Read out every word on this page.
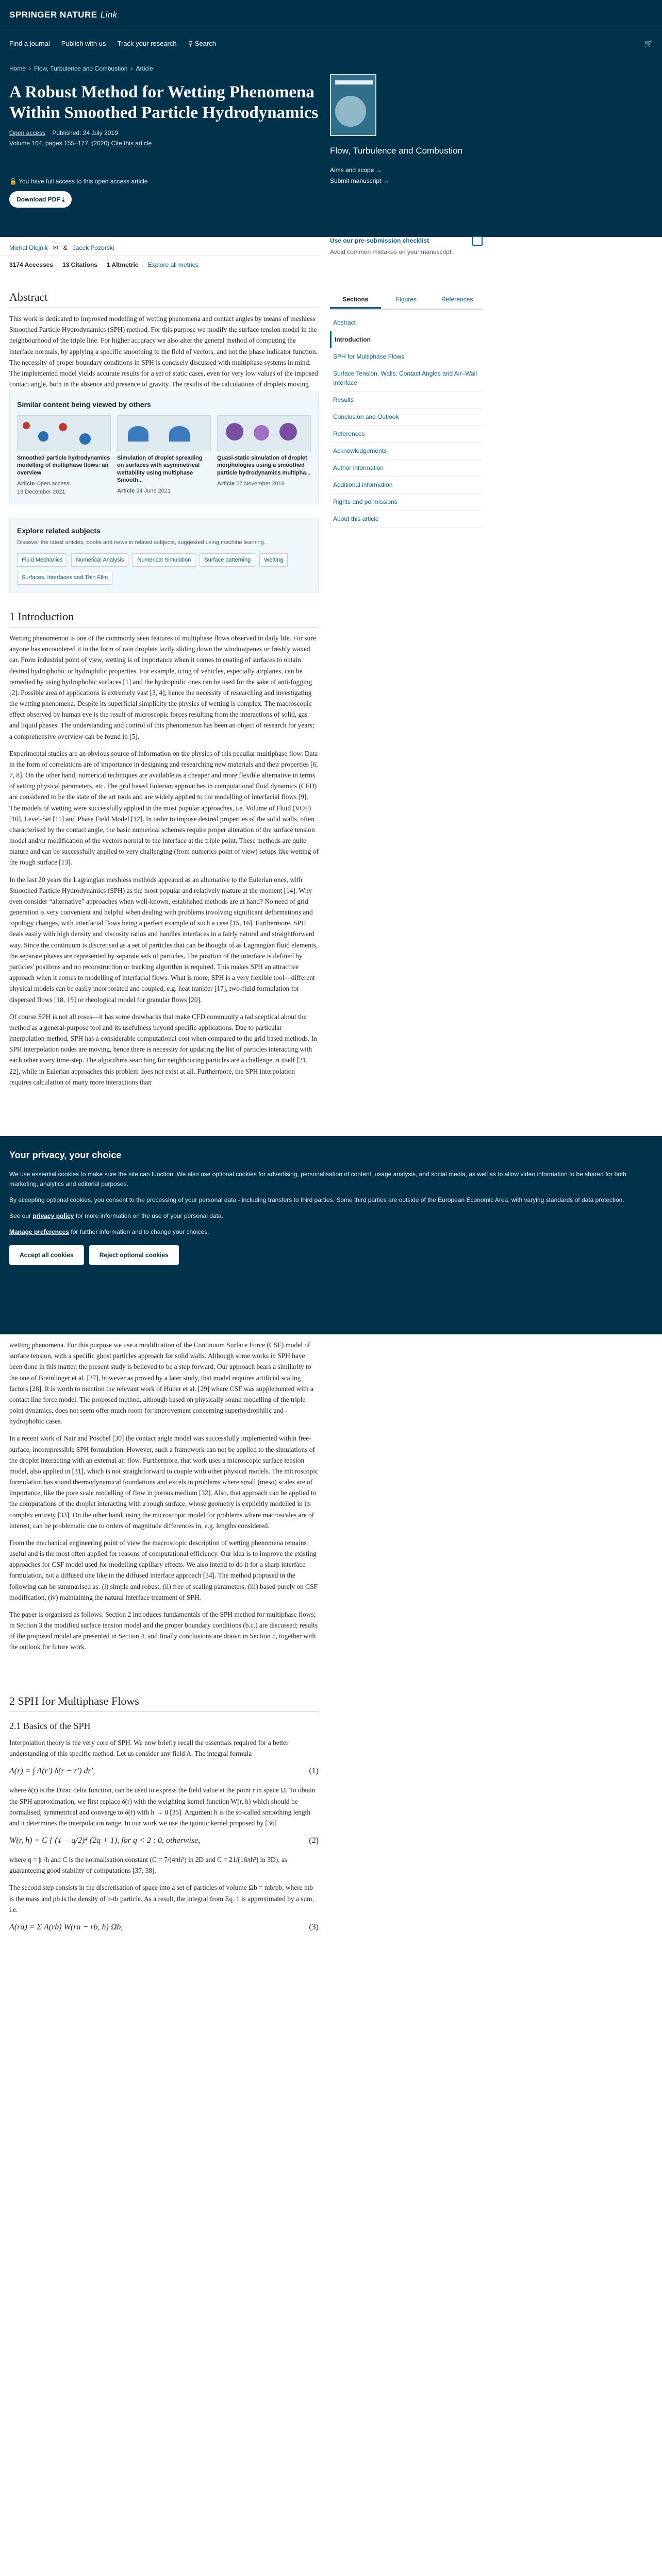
SPRINGER NATURE Link
Find a journal Publish with us Track your research ⚲ Search	🛒
Home › Flow, Turbulence and Combustion › Article
A Robust Method for Wetting Phenomena Within Smoothed Particle Hydrodynamics
Open access Published: 24 July 2019
Volume 104, pages 155–177, (2020) Cite this article
🔓 You have full access to this open access article
Download PDF ⤓
Flow, Turbulence and Combustion
Aims and scope →
Submit manuscript →
Michał Olejnik ✉ & Jacek Pozorski
3174 Accesses 13 Citations 1 Altmetric Explore all metrics
Use our pre-submission checklist
Avoid common mistakes on your manuscript.
Sections	Figures	References
Abstract
Introduction
SPH for Multiphase Flows
Surface Tension, Walls, Contact Angles and Air–Wall Interface
Results
Conclusion and Outlook
References
Acknowledgements
Author information
Additional information
Rights and permissions
About this article
Abstract

This work is dedicated to improved modelling of wetting phenomena and contact angles by means of meshless Smoothed Particle Hydrodynamics (SPH) method. For this purpose we modify the surface tension model in the neighbourhood of the triple line. For higher accuracy we also alter the general method of computing the interface normals, by applying a specific smoothing to the field of vectors, and not the phase indicator function. The necessity of proper boundary conditions in SPH is concisely discussed with multiphase systems in mind. The implemented model yields accurate results for a set of static cases, even for very low values of the imposed contact angle, both in the absence and presence of gravity. The results of the calculations of droplets moving

Similar content being viewed by others
Smoothed particle hydrodynamics modelling of multiphase flows: an overview
Article Open access
13 December 2021
Simulation of droplet spreading on surfaces with asymmetrical wettability using multiphase Smooth...
Article 24 June 2021
Quasi-static simulation of droplet morphologies using a smoothed particle hydrodynamics multipha...
Article 27 November 2018
Explore related subjects
Discover the latest articles, books and news in related subjects, suggested using machine learning.
Fluid Mechanics	Numerical Analysis	Numerical Simulation	Surface patterning	Wetting
Surfaces, Interfaces and Thin Film
1 Introduction

Wetting phenomenon is one of the commonly seen features of multiphase flows observed in daily life. For sure anyone has encountered it in the form of rain droplets lazily sliding down the windowpanes or freshly waxed car. From industrial point of view, wetting is of importance when it comes to coating of surfaces to obtain desired hydrophobic or hydrophilic properties. For example, icing of vehicles, especially airplanes, can be remedied by using hydrophobic surfaces [1] and the hydrophilic ones can be used for the sake of anti-fogging [2]. Possible area of applications is extremely vast [3, 4], hence the necessity of researching and investigating the wetting phenomena. Despite its superficial simplicity the physics of wetting is complex. The macroscopic effect observed by human eye is the result of microscopic forces resulting from the interactions of solid, gas and liquid phases. The understanding and control of this phenomenon has been an object of research for years; a comprehensive overview can be found in [5].

Experimental studies are an obvious source of information on the physics of this peculiar multiphase flow. Data in the form of correlations are of importance in designing and researching new materials and their properties [6, 7, 8]. On the other hand, numerical techniques are available as a cheaper and more flexible alternative in terms of setting physical parameters, etc. The grid based Eulerian approaches in computational fluid dynamics (CFD) are considered to be the state of the art tools and are widely applied to the modelling of interfacial flows [9]. The models of wetting were successfully applied in the most popular approaches, i.e. Volume of Fluid (VOF) [10], Level-Set [11] and Phase Field Model [12]. In order to impose desired properties of the solid walls, often characterised by the contact angle, the basic numerical schemes require proper alteration of the surface tension model and/or modification of the vectors normal to the interface at the triple point. These methods are quite mature and can be successfully applied to very challenging (from numerics point of view) setups like wetting of the rough surface [13].

In the last 20 years the Lagrangian meshless methods appeared as an alternative to the Eulerian ones, with Smoothed Particle Hydrodynamics (SPH) as the most popular and relatively mature at the moment [14]. Why even consider “alternative” approaches when well-known, established methods are at hand? No need of grid generation is very convenient and helpful when dealing with problems involving significant deformations and topology changes, with interfacial flows being a perfect example of such a case [15, 16]. Furthermore, SPH deals easily with high density and viscosity ratios and handles interfaces in a fairly natural and straightforward way. Since the continuum is discretised as a set of particles that can be thought of as Lagrangian fluid elements, the separate phases are represented by separate sets of particles. The position of the interface is defined by particles' positions and no reconstruction or tracking algorithm is required. This makes SPH an attractive approach when it comes to modelling of interfacial flows. What is more, SPH is a very flexible tool—different physical models can be easily incorporated and coupled, e.g. heat transfer [17], two-fluid formulation for dispersed flows [18, 19] or rheological model for granular flows [20].

Of course SPH is not all roses—it has some drawbacks that make CFD community a tad sceptical about the method as a general-purpose tool and its usefulness beyond specific applications. Due to particular interpolation method, SPH has a considerable computational cost when compared to the grid based methods. In SPH interpolation nodes are moving, hence there is necessity for updating the list of particles interacting with each other every time-step. The algorithms searching for neighbouring particles are a challenge in itself [21, 22], while in Eulerian approaches this problem does not exist at all. Furthermore, the SPH interpolation requires calculation of many more interactions than

Your privacy, your choice

We use essential cookies to make sure the site can function. We also use optional cookies for advertising, personalisation of content, usage analysis, and social media, as well as to allow video information to be shared for both marketing, analytics and editorial purposes.

By accepting optional cookies, you consent to the processing of your personal data - including transfers to third parties. Some third parties are outside of the European Economic Area, with varying standards of data protection.

See our privacy policy for more information on the use of your personal data.

Manage preferences for further information and to change your choices.

Accept all cookies	Reject optional cookies

wetting phenomena. For this purpose we use a modification of the Continuum Surface Force (CSF) model of surface tension, with a specific ghost particles approach for solid walls. Although some works in SPH have been done in this matter, the present study is believed to be a step forward. Our approach bears a similarity to the one of Breinlinger et al. [27], however as proved by a later study, that model requires artificial scaling factors [28]. It is worth to mention the relevant work of Huber et al. [29] where CSF was supplemented with a contact line force model. The proposed method, although based on physically sound modelling of the triple point dynamics, does not seem offer much room for improvement concerning superhydrophilic and -hydrophobic cases.

In a recent work of Nair and Pöschel [30] the contact angle model was successfully implemented within free-surface, incompressible SPH formulation. However, such a framework can not be applied to the simulations of the droplet interacting with an external air flow. Furthermore, that work uses a microscopic surface tension model, also applied in [31], which is not straightforward to couple with other physical models. The microscopic formulation has sound thermodynamical foundations and excels in problems where small (meso) scales are of importance, like the pore scale modelling of flow in porous medium [32]. Also, that approach can be applied to the computations of the droplet interacting with a rough surface, whose geometry is explicitly modelled in its complex entirety [33]. On the other hand, using the microscopic model for problems where macroscales are of interest, can be problematic due to orders of magnitude differences in, e.g. lengths considered.

From the mechanical engineering point of view the macroscopic description of wetting phenomena remains useful and is the most often applied for reasons of computational efficiency. Our idea is to improve the existing approaches for CSF model used for modelling capillary effects. We also intend to do it for a sharp interface formulation, not a diffused one like in the diffused interface approach [34]. The method proposed in the following can be summarised as: (i) simple and robust, (ii) free of scaling parameters, (iii) based purely on CSF modification, (iv) maintaining the natural interface treatment of SPH.

The paper is organised as follows. Section 2 introduces fundamentals of the SPH method for multiphase flows; in Section 3 the modified surface tension model and the proper boundary conditions (b.c.) are discussed; results of the proposed model are presented in Section 4, and finally conclusions are drawn in Section 5, together with the outlook for future work.

2 SPH for Multiphase Flows
2.1 Basics of the SPH

Interpolation theory is the very core of SPH. We now briefly recall the essentials required for a better understanding of this specific method. Let us consider any field A. The integral formula

A(r) = ∫ A(r′) δ(r − r′) dr′,	(1)

where δ(r) is the Dirac delta function, can be used to express the field value at the point r in space Ω. To obtain the SPH approximation, we first replace δ(r) with the weighting kernel function W(r, h) which should be normalised, symmetrical and converge to δ(r) with h → 0 [35]. Argument h is the so-called smoothing length and it determines the interpolation range. In our work we use the quintic kernel proposed by [36]

W(r, h) = C { (1 − q/2)⁴ (2q + 1), for q < 2 ; 0, otherwise,	(2)

where q = |r|/h and C is the normalisation constant (C = 7/(4πh²) in 2D and C = 21/(16πh³) in 3D), as guaranteeing good stability of computations [37, 38].

The second step consists in the discretisation of space into a set of particles of volume Ωb = mb/ρb, where mb is the mass and ρb is the density of b-th particle. As a result, the integral from Eq. 1 is approximated by a sum, i.e.

A(ra) = Σ A(rb) W(ra − rb, h) Ωb,	(3)
